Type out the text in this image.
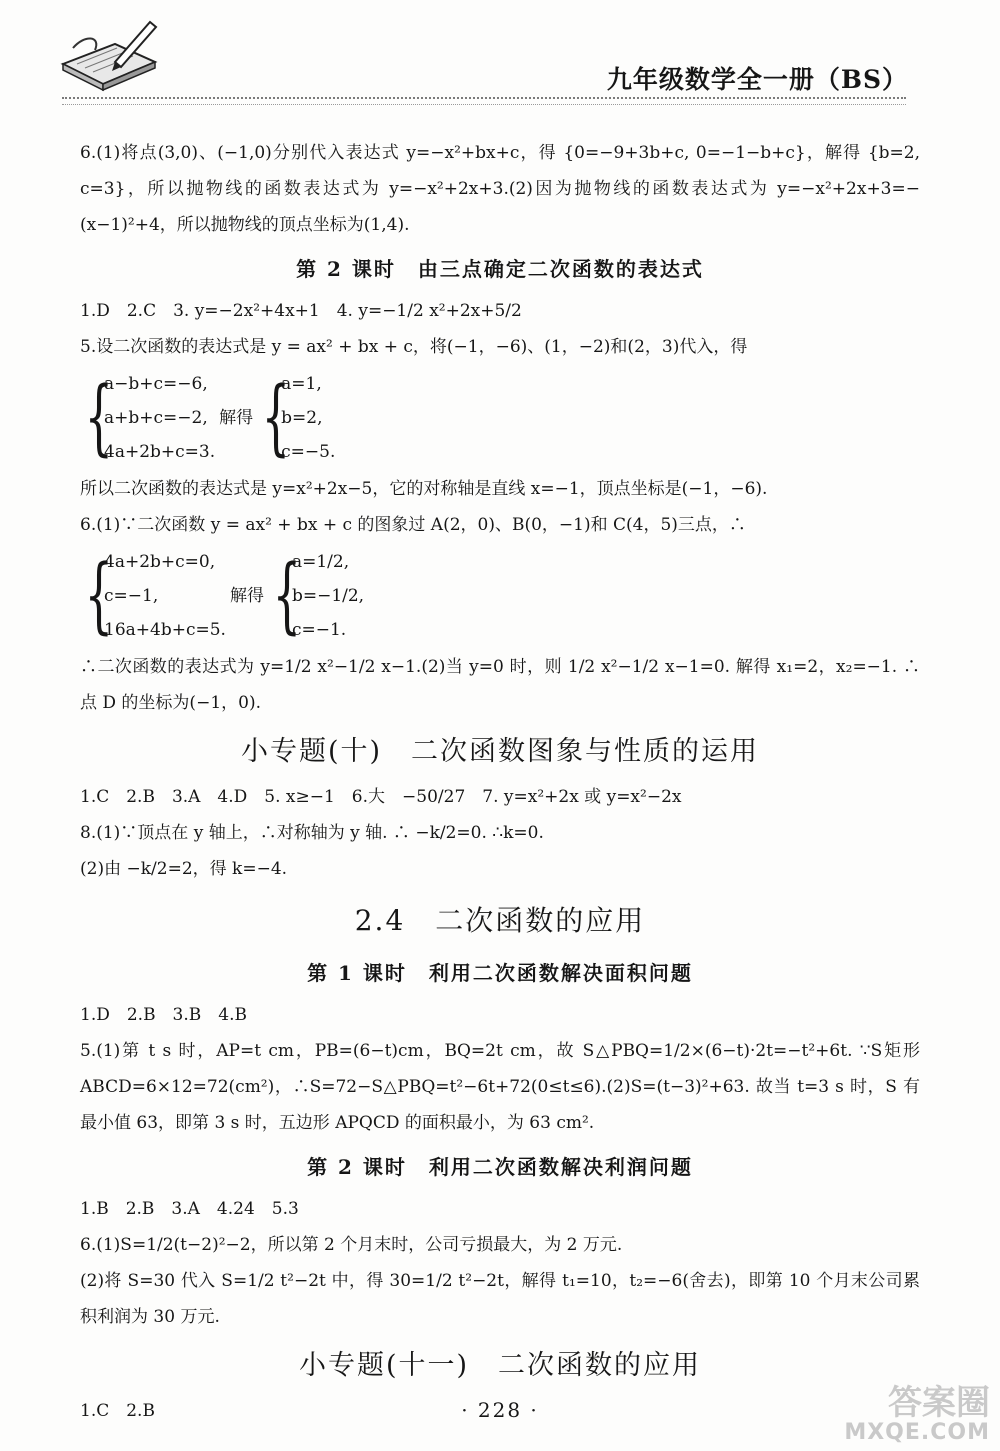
九年级数学全一册（BS）

6.(1)将点(3,0)、(−1,0)分别代入表达式 y=−x²+bx+c，得 {0=−9+3b+c, 0=−1−b+c}，解得 {b=2, c=3}，所以抛物线的函数表达式为 y=−x²+2x+3.(2)因为抛物线的函数表达式为 y=−x²+2x+3=−(x−1)²+4，所以抛物线的顶点坐标为(1,4).

第 2 课时　由三点确定二次函数的表达式

1.D　2.C　3. y=−2x²+4x+1　4. y=−1/2 x²+2x+5/2

5.设二次函数的表达式是 y = ax² + bx + c，将(−1，−6)、(1，−2)和(2，3)代入，得

{
a−b+c=−6,
a+b+c=−2,
4a+2b+c=3.
解得 {
a=1,
b=2,
c=−5.

所以二次函数的表达式是 y=x²+2x−5，它的对称轴是直线 x=−1，顶点坐标是(−1，−6).

6.(1)∵二次函数 y = ax² + bx + c 的图象过 A(2，0)、B(0，−1)和 C(4，5)三点，∴

{
4a+2b+c=0,
c=−1,
16a+4b+c=5.
解得 {
a=1/2,
b=−1/2,
c=−1.

∴二次函数的表达式为 y=1/2 x²−1/2 x−1.(2)当 y=0 时，则 1/2 x²−1/2 x−1=0. 解得 x₁=2，x₂=−1. ∴点 D 的坐标为(−1，0).

小专题(十)　二次函数图象与性质的运用

1.C　2.B　3.A　4.D　5. x≥−1　6.大　−50/27　7. y=x²+2x 或 y=x²−2x

8.(1)∵顶点在 y 轴上，∴对称轴为 y 轴. ∴ −k/2=0. ∴k=0.

(2)由 −k/2=2，得 k=−4.

2.4　二次函数的应用
第 1 课时　利用二次函数解决面积问题

1.D　2.B　3.B　4.B

5.(1)第 t s 时，AP=t cm，PB=(6−t)cm，BQ=2t cm，故 S△PBQ=1/2×(6−t)·2t=−t²+6t. ∵S矩形ABCD=6×12=72(cm²)，∴S=72−S△PBQ=t²−6t+72(0≤t≤6).(2)S=(t−3)²+63. 故当 t=3 s 时，S 有最小值 63，即第 3 s 时，五边形 APQCD 的面积最小，为 63 cm².

第 2 课时　利用二次函数解决利润问题

1.B　2.B　3.A　4.24　5.3

6.(1)S=1/2(t−2)²−2，所以第 2 个月末时，公司亏损最大，为 2 万元.

(2)将 S=30 代入 S=1/2 t²−2t 中，得 30=1/2 t²−2t，解得 t₁=10，t₂=−6(舍去)，即第 10 个月末公司累积利润为 30 万元.

小专题(十一)　二次函数的应用

1.C　2.B	· 228 ·	答案圈
MXQE.COM
